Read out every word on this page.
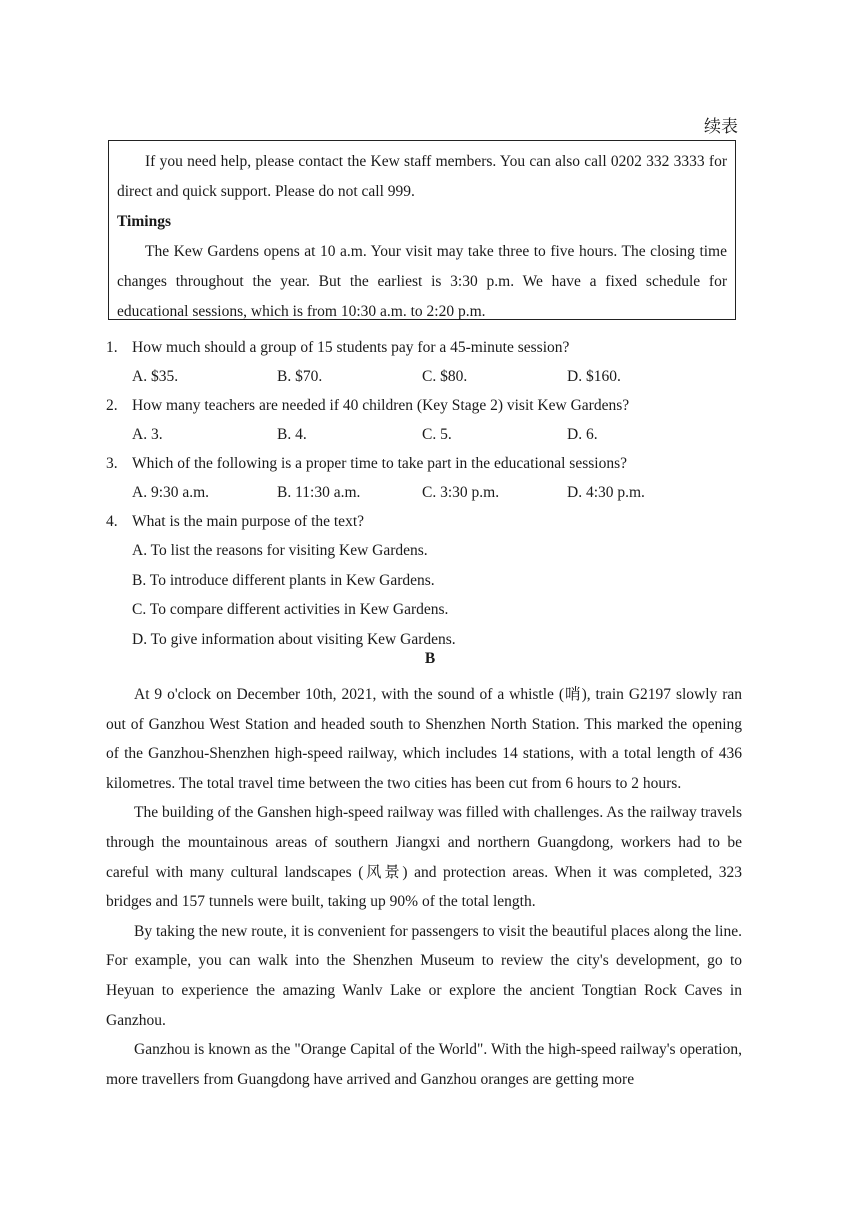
续表

If you need help, please contact the Kew staff members. You can also call 0202 332 3333 for direct and quick support. Please do not call 999.

Timings

The Kew Gardens opens at 10 a.m. Your visit may take three to five hours. The closing time changes throughout the year. But the earliest is 3:30 p.m. We have a fixed schedule for educational sessions, which is from 10:30 a.m. to 2:20 p.m.

1. How much should a group of 15 students pay for a 45-minute session?
A. $35.	B. $70.	C. $80.	D. $160.
2. How many teachers are needed if 40 children (Key Stage 2) visit Kew Gardens?
A. 3.	B. 4.	C. 5.	D. 6.
3. Which of the following is a proper time to take part in the educational sessions?
A. 9:30 a.m.	B. 11:30 a.m.	C. 3:30 p.m.	D. 4:30 p.m.
4. What is the main purpose of the text?
A. To list the reasons for visiting Kew Gardens.
B. To introduce different plants in Kew Gardens.
C. To compare different activities in Kew Gardens.
D. To give information about visiting Kew Gardens.
B

At 9 o'clock on December 10th, 2021, with the sound of a whistle (哨), train G2197 slowly ran out of Ganzhou West Station and headed south to Shenzhen North Station. This marked the opening of the Ganzhou-Shenzhen high-speed railway, which includes 14 stations, with a total length of 436 kilometres. The total travel time between the two cities has been cut from 6 hours to 2 hours.

The building of the Ganshen high-speed railway was filled with challenges. As the railway travels through the mountainous areas of southern Jiangxi and northern Guangdong, workers had to be careful with many cultural landscapes (风景) and protection areas. When it was completed, 323 bridges and 157 tunnels were built, taking up 90% of the total length.

By taking the new route, it is convenient for passengers to visit the beautiful places along the line. For example, you can walk into the Shenzhen Museum to review the city's development, go to Heyuan to experience the amazing Wanlv Lake or explore the ancient Tongtian Rock Caves in Ganzhou.

Ganzhou is known as the "Orange Capital of the World". With the high-speed railway's operation, more travellers from Guangdong have arrived and Ganzhou oranges are getting more
